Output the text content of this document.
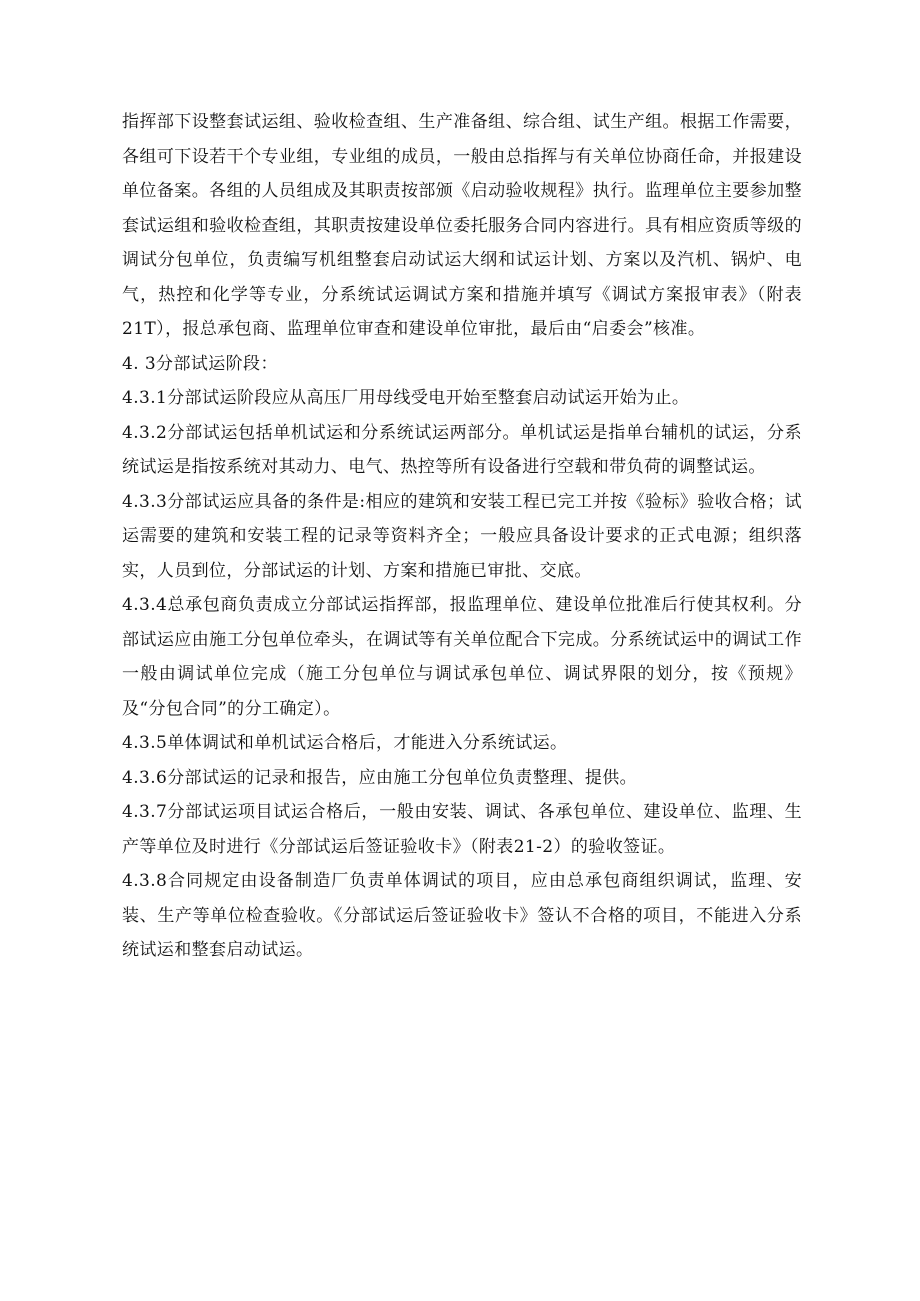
指挥部下设整套试运组、验收检查组、生产准备组、综合组、试生产组。根据工作需要，各组可下设若干个专业组，专业组的成员，一般由总指挥与有关单位协商任命，并报建设单位备案。各组的人员组成及其职责按部颁《启动验收规程》执行。监理单位主要参加整套试运组和验收检查组，其职责按建设单位委托服务合同内容进行。具有相应资质等级的调试分包单位，负责编写机组整套启动试运大纲和试运计划、方案以及汽机、锅炉、电气，热控和化学等专业，分系统试运调试方案和措施并填写《调试方案报审表》（附表21T），报总承包商、监理单位审查和建设单位审批，最后由“启委会”核准。

4. 3分部试运阶段：

4.3.1分部试运阶段应从高压厂用母线受电开始至整套启动试运开始为止。

4.3.2分部试运包括单机试运和分系统试运两部分。单机试运是指单台辅机的试运，分系统试运是指按系统对其动力、电气、热控等所有设备进行空载和带负荷的调整试运。

4.3.3分部试运应具备的条件是:相应的建筑和安装工程已完工并按《验标》验收合格；试运需要的建筑和安装工程的记录等资料齐全；一般应具备设计要求的正式电源；组织落实，人员到位，分部试运的计划、方案和措施已审批、交底。

4.3.4总承包商负责成立分部试运指挥部，报监理单位、建设单位批准后行使其权利。分部试运应由施工分包单位牵头，在调试等有关单位配合下完成。分系统试运中的调试工作一般由调试单位完成（施工分包单位与调试承包单位、调试界限的划分，按《预规》及“分包合同”的分工确定）。

4.3.5单体调试和单机试运合格后，才能进入分系统试运。

4.3.6分部试运的记录和报告，应由施工分包单位负责整理、提供。

4.3.7分部试运项目试运合格后，一般由安装、调试、各承包单位、建设单位、监理、生产等单位及时进行《分部试运后签证验收卡》（附表21-2）的验收签证。

4.3.8合同规定由设备制造厂负责单体调试的项目，应由总承包商组织调试，监理、安装、生产等单位检查验收。《分部试运后签证验收卡》签认不合格的项目，不能进入分系统试运和整套启动试运。
